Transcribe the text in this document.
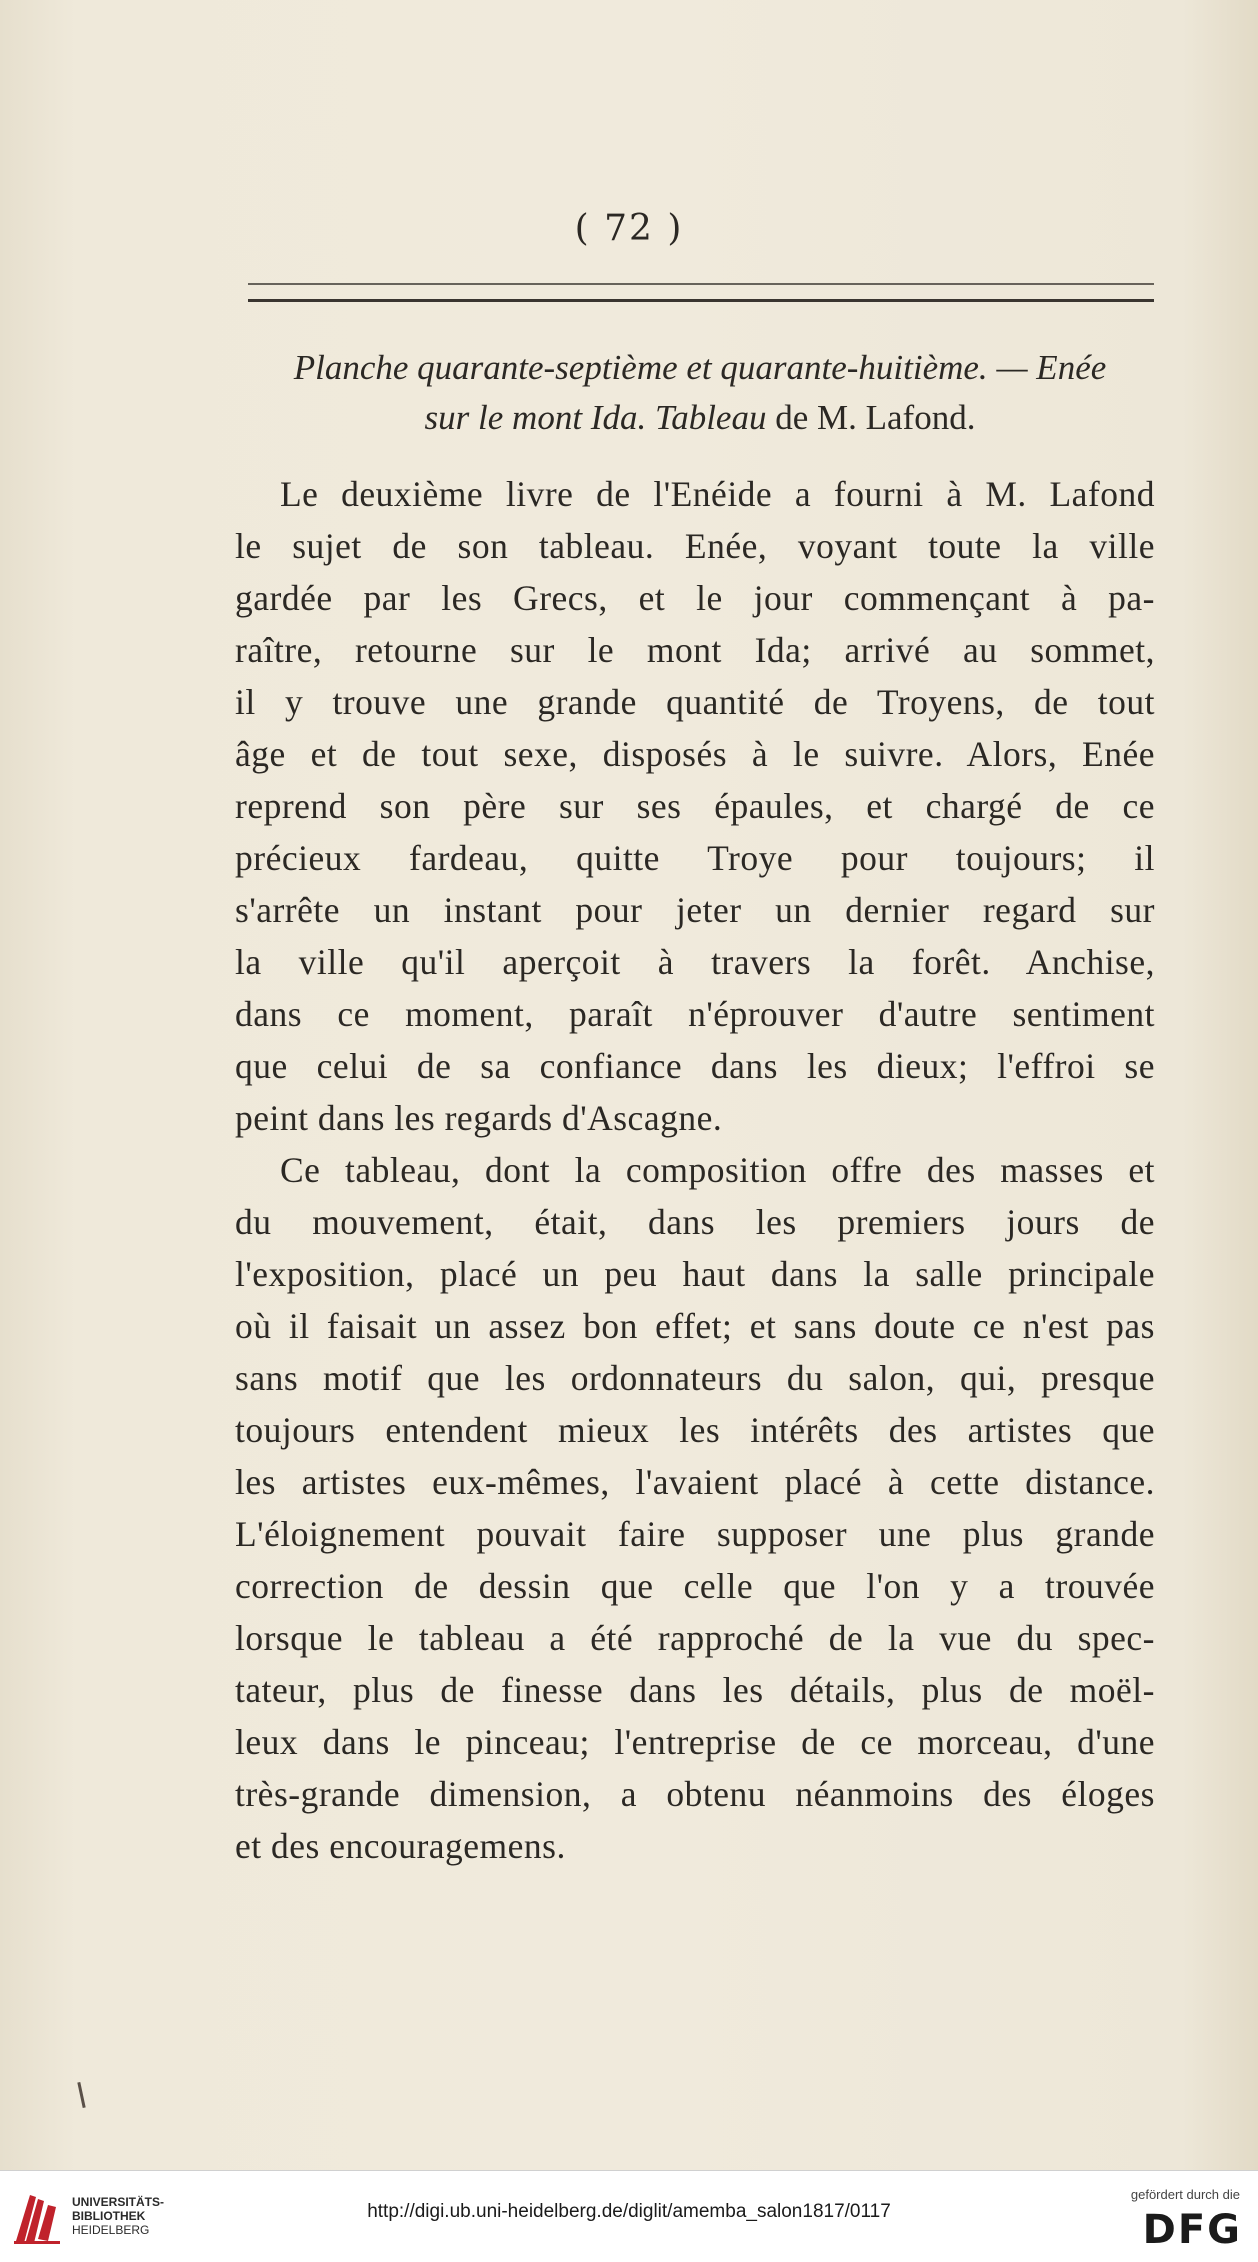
( 72 )
Planche quarante-septième et quarante-huitième. — Enée
sur le mont Ida. Tableau de M. Lafond.
Le deuxième livre de l'Enéide a fourni à M. Lafond
le sujet de son tableau. Enée, voyant toute la ville
gardée par les Grecs, et le jour commençant à pa-
raître, retourne sur le mont Ida; arrivé au sommet,
il y trouve une grande quantité de Troyens, de tout
âge et de tout sexe, disposés à le suivre. Alors, Enée
reprend son père sur ses épaules, et chargé de ce
précieux fardeau, quitte Troye pour toujours; il
s'arrête un instant pour jeter un dernier regard sur
la ville qu'il aperçoit à travers la forêt. Anchise,
dans ce moment, paraît n'éprouver d'autre sentiment
que celui de sa confiance dans les dieux; l'effroi se
peint dans les regards d'Ascagne.
Ce tableau, dont la composition offre des masses et
du mouvement, était, dans les premiers jours de
l'exposition, placé un peu haut dans la salle principale
où il faisait un assez bon effet; et sans doute ce n'est pas
sans motif que les ordonnateurs du salon, qui, presque
toujours entendent mieux les intérêts des artistes que
les artistes eux-mêmes, l'avaient placé à cette distance.
L'éloignement pouvait faire supposer une plus grande
correction de dessin que celle que l'on y a trouvée
lorsque le tableau a été rapproché de la vue du spec-
tateur, plus de finesse dans les détails, plus de moël-
leux dans le pinceau; l'entreprise de ce morceau, d'une
très-grande dimension, a obtenu néanmoins des éloges
et des encouragemens.
UNIVERSITÄTS-
BIBLIOTHEK
HEIDELBERG
http://digi.ub.uni-heidelberg.de/diglit/amemba_salon1817/0117
gefördert durch die
DFG
